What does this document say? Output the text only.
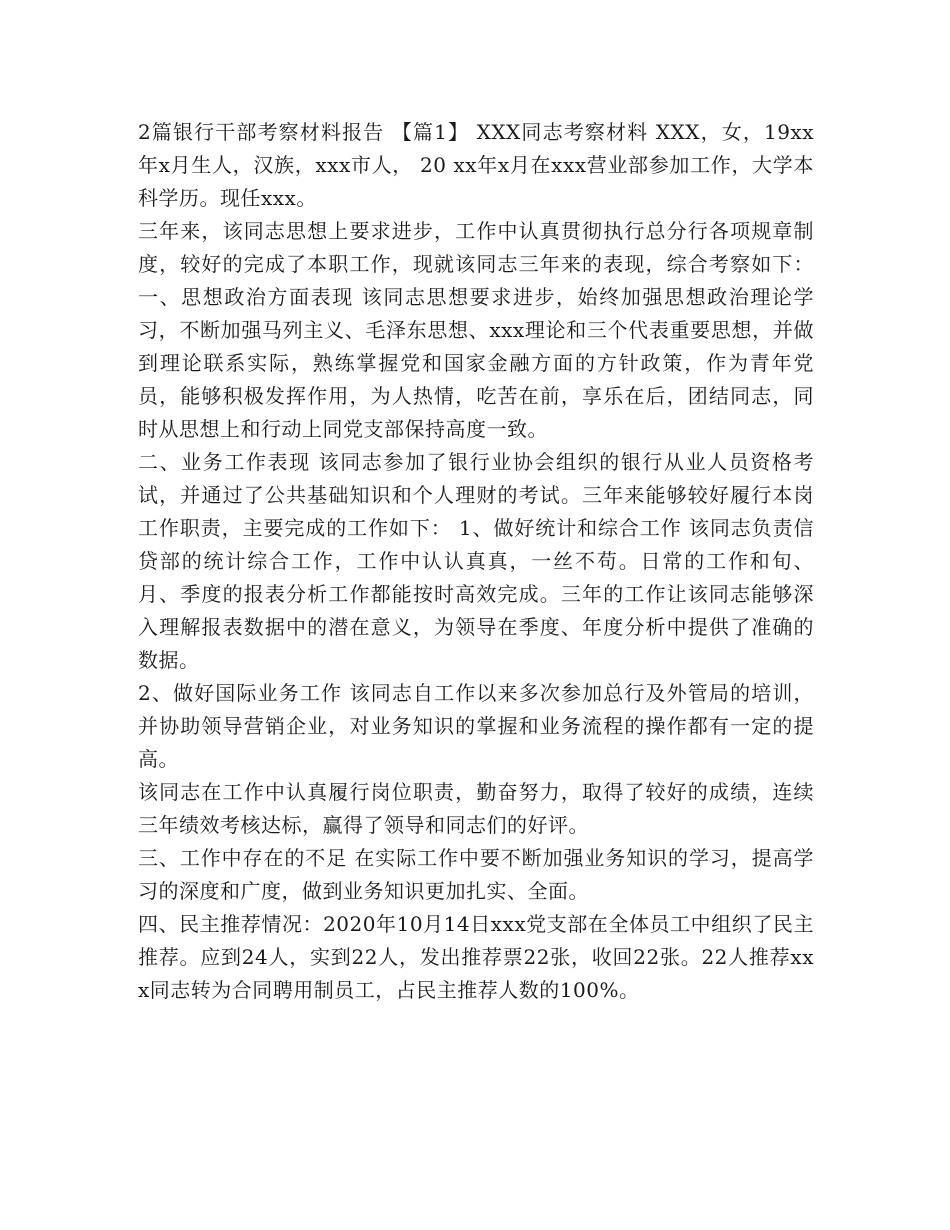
2篇银行干部考察材料报告 【篇1】 XXX同志考察材料 XXX，女，19xx年x月生人，汉族，xxx市人， 20 xx年x月在xxx营业部参加工作，大学本科学历。现任xxx。

三年来，该同志思想上要求进步，工作中认真贯彻执行总分行各项规章制度，较好的完成了本职工作，现就该同志三年来的表现，综合考察如下： 一、思想政治方面表现 该同志思想要求进步，始终加强思想政治理论学习，不断加强马列主义、毛泽东思想、xxx理论和三个代表重要思想，并做到理论联系实际，熟练掌握党和国家金融方面的方针政策，作为青年党员，能够积极发挥作用，为人热情，吃苦在前，享乐在后，团结同志，同时从思想上和行动上同党支部保持高度一致。

二、业务工作表现 该同志参加了银行业协会组织的银行从业人员资格考试，并通过了公共基础知识和个人理财的考试。三年来能够较好履行本岗工作职责，主要完成的工作如下： 1、做好统计和综合工作 该同志负责信贷部的统计综合工作，工作中认认真真，一丝不苟。日常的工作和旬、月、季度的报表分析工作都能按时高效完成。三年的工作让该同志能够深入理解报表数据中的潜在意义，为领导在季度、年度分析中提供了准确的数据。

2、做好国际业务工作 该同志自工作以来多次参加总行及外管局的培训，并协助领导营销企业，对业务知识的掌握和业务流程的操作都有一定的提高。

该同志在工作中认真履行岗位职责，勤奋努力，取得了较好的成绩，连续三年绩效考核达标，赢得了领导和同志们的好评。

三、工作中存在的不足 在实际工作中要不断加强业务知识的学习，提高学习的深度和广度，做到业务知识更加扎实、全面。

四、民主推荐情况：2020年10月14日xxx党支部在全体员工中组织了民主推荐。应到24人，实到22人，发出推荐票22张，收回22张。22人推荐xxx同志转为合同聘用制员工，占民主推荐人数的100%。
